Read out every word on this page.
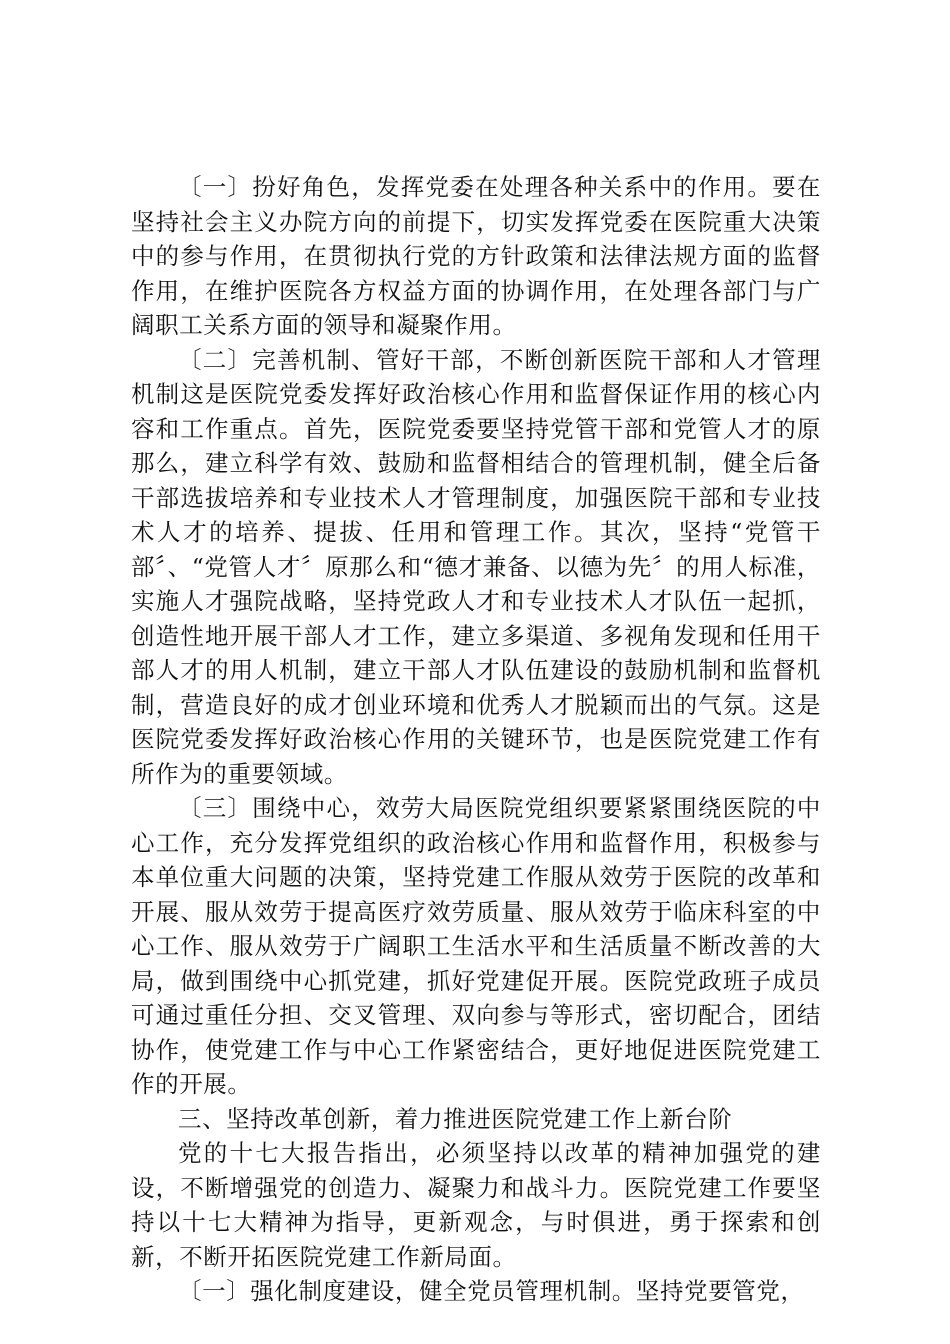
〔一〕扮好角色，发挥党委在处理各种关系中的作用。要在坚持社会主义办院方向的前提下，切实发挥党委在医院重大决策中的参与作用，在贯彻执行党的方针政策和法律法规方面的监督作用，在维护医院各方权益方面的协调作用，在处理各部门与广阔职工关系方面的领导和凝聚作用。

〔二〕完善机制、管好干部，不断创新医院干部和人才管理机制这是医院党委发挥好政治核心作用和监督保证作用的核心内容和工作重点。首先，医院党委要坚持党管干部和党管人才的原那么，建立科学有效、鼓励和监督相结合的管理机制，健全后备干部选拔培养和专业技术人才管理制度，加强医院干部和专业技术人才的培养、提拔、任用和管理工作。其次，坚持“党管干部〞、“党管人才〞原那么和“德才兼备、以德为先〞的用人标准，实施人才强院战略，坚持党政人才和专业技术人才队伍一起抓，创造性地开展干部人才工作，建立多渠道、多视角发现和任用干部人才的用人机制，建立干部人才队伍建设的鼓励机制和监督机制，营造良好的成才创业环境和优秀人才脱颖而出的气氛。这是医院党委发挥好政治核心作用的关键环节，也是医院党建工作有所作为的重要领域。

〔三〕围绕中心，效劳大局医院党组织要紧紧围绕医院的中心工作，充分发挥党组织的政治核心作用和监督作用，积极参与本单位重大问题的决策，坚持党建工作服从效劳于医院的改革和开展、服从效劳于提高医疗效劳质量、服从效劳于临床科室的中心工作、服从效劳于广阔职工生活水平和生活质量不断改善的大局，做到围绕中心抓党建，抓好党建促开展。医院党政班子成员可通过重任分担、交叉管理、双向参与等形式，密切配合，团结协作，使党建工作与中心工作紧密结合，更好地促进医院党建工作的开展。

三、坚持改革创新，着力推进医院党建工作上新台阶

党的十七大报告指出，必须坚持以改革的精神加强党的建设，不断增强党的创造力、凝聚力和战斗力。医院党建工作要坚持以十七大精神为指导，更新观念，与时俱进，勇于探索和创新，不断开拓医院党建工作新局面。

〔一〕强化制度建设，健全党员管理机制。坚持党要管党，
